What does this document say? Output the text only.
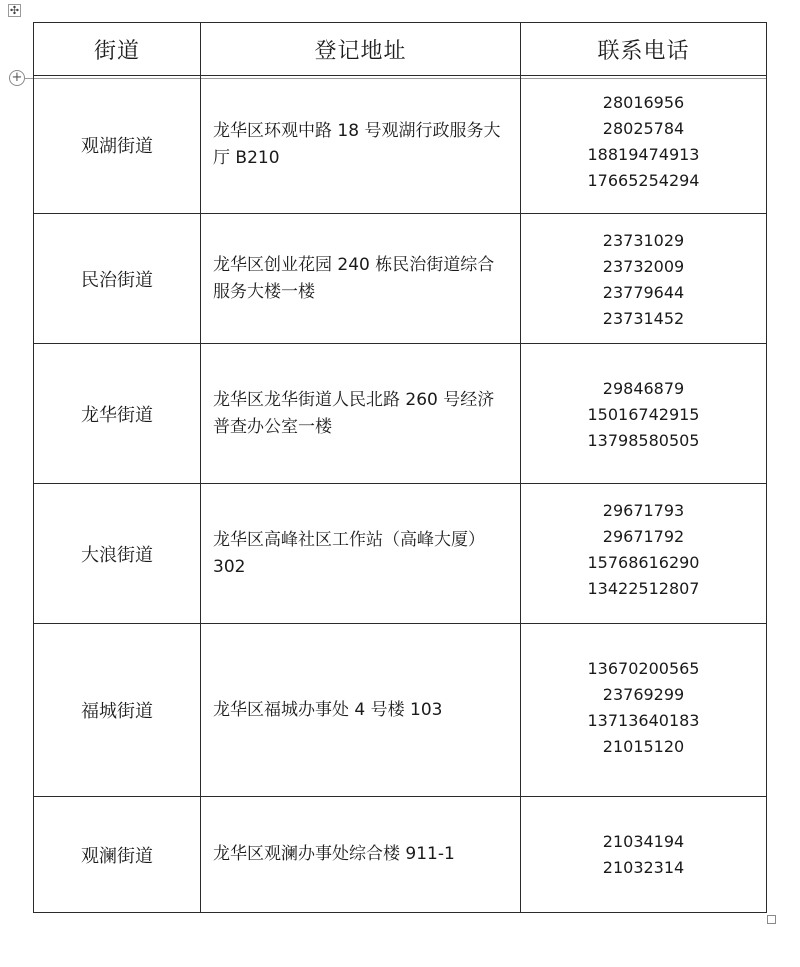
✣
+
街道	登记地址	联系电话
观湖街道	龙华区环观中路 18 号观湖行政服务大厅 B210	28016956
28025784
18819474913
17665254294

民治街道	龙华区创业花园 240 栋民治街道综合服务大楼一楼	23731029
23732009
23779644
23731452

龙华街道	龙华区龙华街道人民北路 260 号经济普查办公室一楼	29846879
15016742915
13798580505

大浪街道	龙华区高峰社区工作站（高峰大厦）302	29671793
29671792
15768616290
13422512807

福城街道	龙华区福城办事处 4 号楼 103	13670200565
23769299
13713640183
21015120

观澜街道	龙华区观澜办事处综合楼 911-1	21034194
21032314
